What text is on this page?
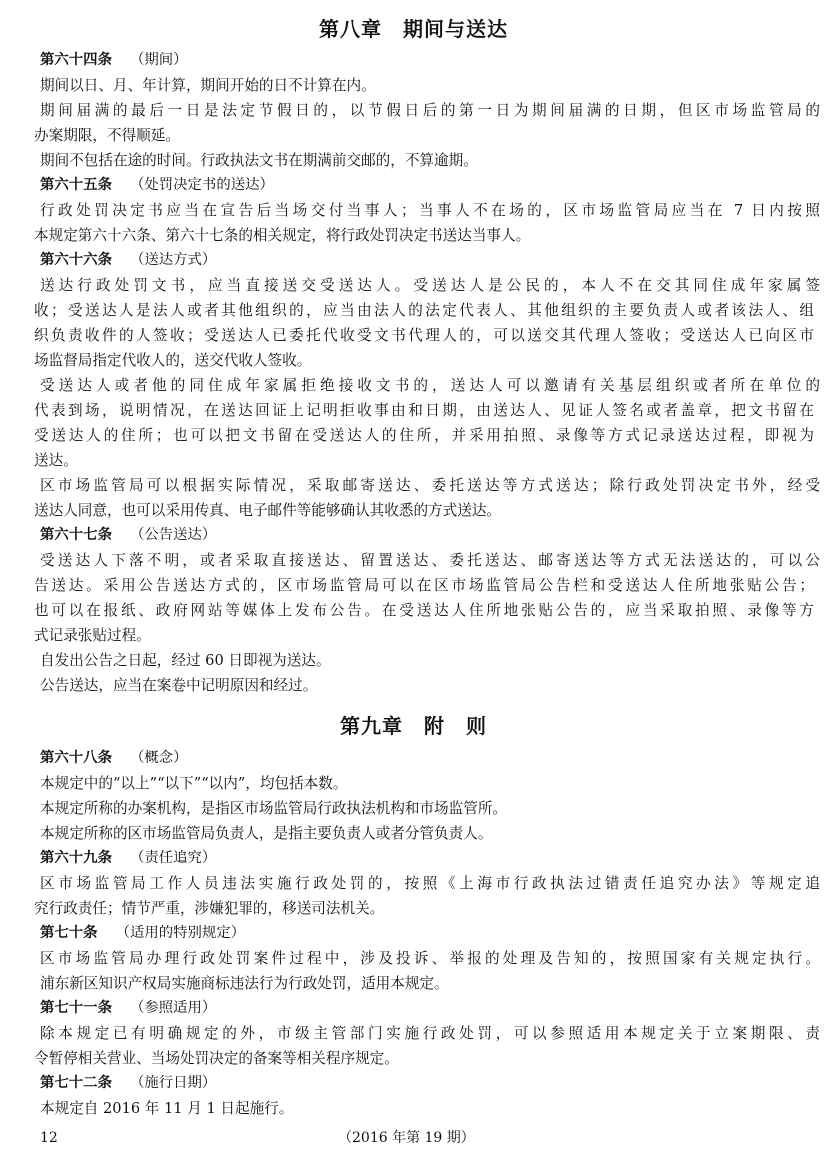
第八章　期间与送达
第六十四条 （期间）
期间以日、月、年计算，期间开始的日不计算在内。
期间届满的最后一日是法定节假日的，以节假日后的第一日为期间届满的日期，但区市场监管局的
办案期限，不得顺延。
期间不包括在途的时间。行政执法文书在期满前交邮的，不算逾期。
第六十五条 （处罚决定书的送达）
行政处罚决定书应当在宣告后当场交付当事人；当事人不在场的，区市场监管局应当在 7 日内按照
本规定第六十六条、第六十七条的相关规定，将行政处罚决定书送达当事人。
第六十六条 （送达方式）
送达行政处罚文书，应当直接送交受送达人。受送达人是公民的，本人不在交其同住成年家属签
收；受送达人是法人或者其他组织的，应当由法人的法定代表人、其他组织的主要负责人或者该法人、组
织负责收件的人签收；受送达人已委托代收受文书代理人的，可以送交其代理人签收；受送达人已向区市
场监督局指定代收人的，送交代收人签收。
受送达人或者他的同住成年家属拒绝接收文书的，送达人可以邀请有关基层组织或者所在单位的
代表到场，说明情况，在送达回证上记明拒收事由和日期，由送达人、见证人签名或者盖章，把文书留在
受送达人的住所；也可以把文书留在受送达人的住所，并采用拍照、录像等方式记录送达过程，即视为
送达。
区市场监管局可以根据实际情况，采取邮寄送达、委托送达等方式送达；除行政处罚决定书外，经受
送达人同意，也可以采用传真、电子邮件等能够确认其收悉的方式送达。
第六十七条 （公告送达）
受送达人下落不明，或者采取直接送达、留置送达、委托送达、邮寄送达等方式无法送达的，可以公
告送达。采用公告送达方式的，区市场监管局可以在区市场监管局公告栏和受送达人住所地张贴公告；
也可以在报纸、政府网站等媒体上发布公告。在受送达人住所地张贴公告的，应当采取拍照、录像等方
式记录张贴过程。
自发出公告之日起，经过 60 日即视为送达。
公告送达，应当在案卷中记明原因和经过。
第九章　附　则
第六十八条 （概念）
本规定中的“以上”“以下”“以内”，均包括本数。
本规定所称的办案机构，是指区市场监管局行政执法机构和市场监管所。
本规定所称的区市场监管局负责人，是指主要负责人或者分管负责人。
第六十九条 （责任追究）
区市场监管局工作人员违法实施行政处罚的，按照《上海市行政执法过错责任追究办法》等规定追
究行政责任；情节严重，涉嫌犯罪的，移送司法机关。
第七十条 （适用的特别规定）
区市场监管局办理行政处罚案件过程中，涉及投诉、举报的处理及告知的，按照国家有关规定执行。
浦东新区知识产权局实施商标违法行为行政处罚，适用本规定。
第七十一条 （参照适用）
除本规定已有明确规定的外，市级主管部门实施行政处罚，可以参照适用本规定关于立案期限、责
令暂停相关营业、当场处罚决定的备案等相关程序规定。
第七十二条 （施行日期）
本规定自 2016 年 11 月 1 日起施行。
12	（2016 年第 19 期）
